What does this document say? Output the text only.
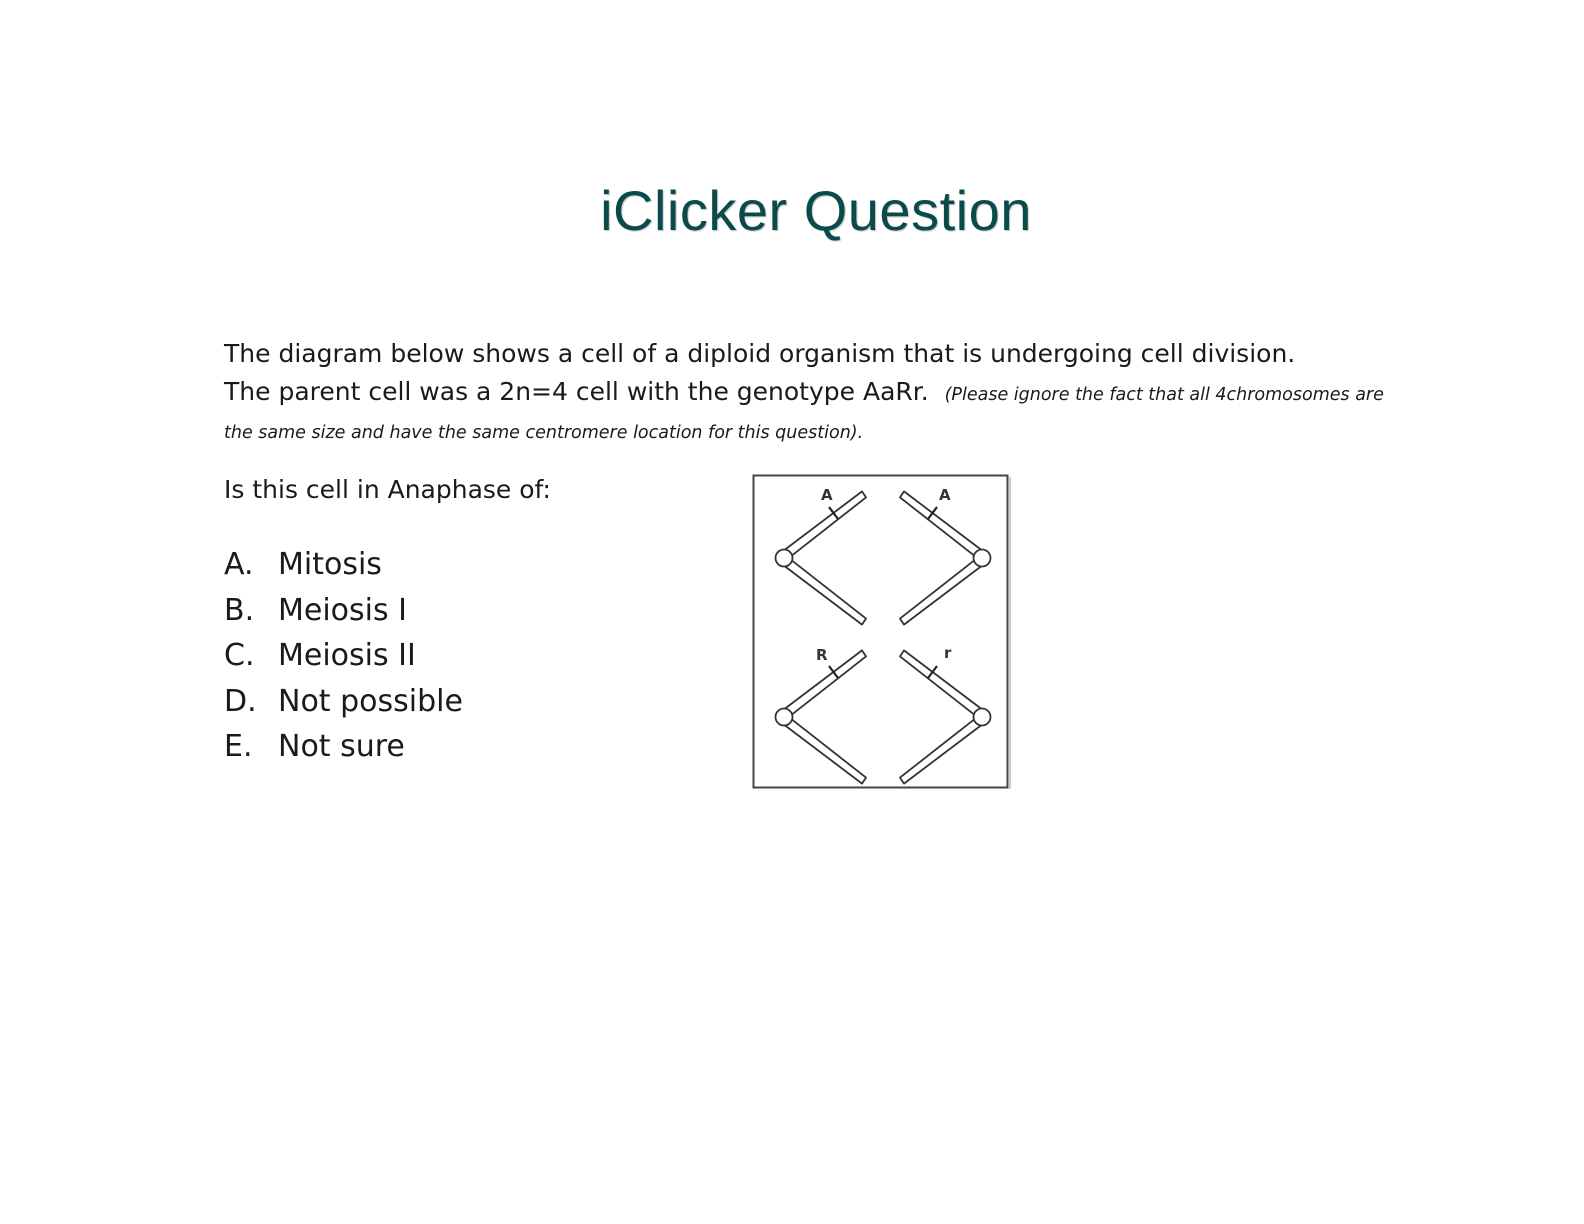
iClicker Question
The diagram below shows a cell of a diploid organism that is undergoing cell division.
The parent cell was a 2n=4 cell with the genotype AaRr. (Please ignore the fact that all 4chromosomes are the same size and have the same centromere location for this question).
Is this cell in Anaphase of:
A. Mitosis
B. Meiosis I
C. Meiosis II
D. Not possible
E. Not sure
A	A
R	r
